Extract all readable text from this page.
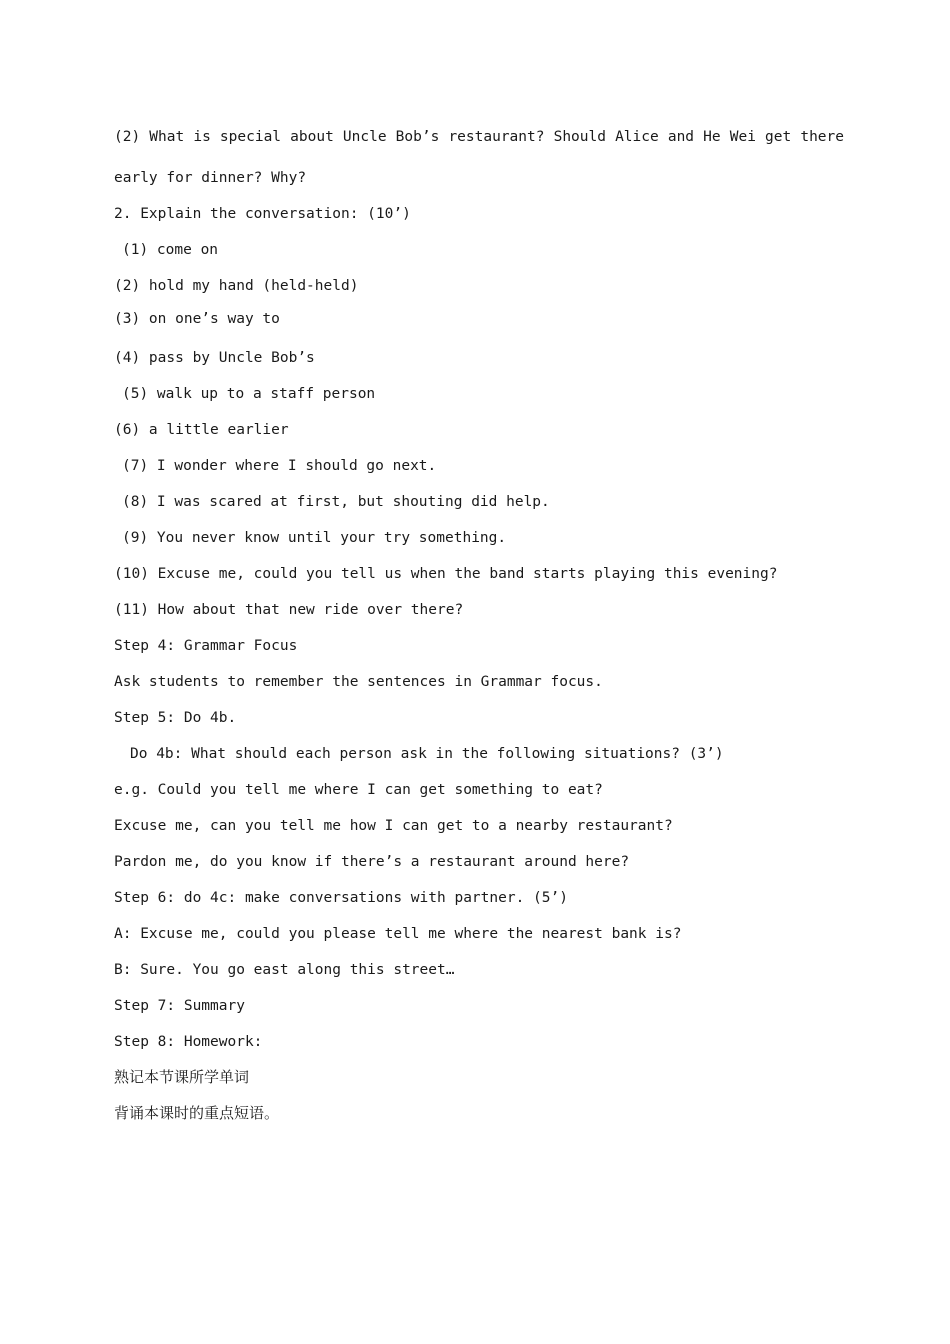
(2) What is special about Uncle Bob’s restaurant? Should Alice and He Wei get there
early for dinner? Why?
2. Explain the conversation: (10’)
(1) come on
(2) hold my hand (held-held)
(3) on one’s way to
(4) pass by Uncle Bob’s
(5) walk up to a staff person
(6) a little earlier
(7) I wonder where I should go next.
(8) I was scared at first, but shouting did help.
(9) You never know until your try something.
(10) Excuse me, could you tell us when the band starts playing this evening?
(11) How about that new ride over there?
Step 4: Grammar Focus
Ask students to remember the sentences in Grammar focus.
Step 5: Do 4b.
Do 4b: What should each person ask in the following situations? (3’)
e.g. Could you tell me where I can get something to eat?
Excuse me, can you tell me how I can get to a nearby restaurant?
Pardon me, do you know if there’s a restaurant around here?
Step 6: do 4c: make conversations with partner. (5’)
A: Excuse me, could you please tell me where the nearest bank is?
B: Sure. You go east along this street…
Step 7: Summary
Step 8: Homework:
熟记本节课所学单词
背诵本课时的重点短语。
